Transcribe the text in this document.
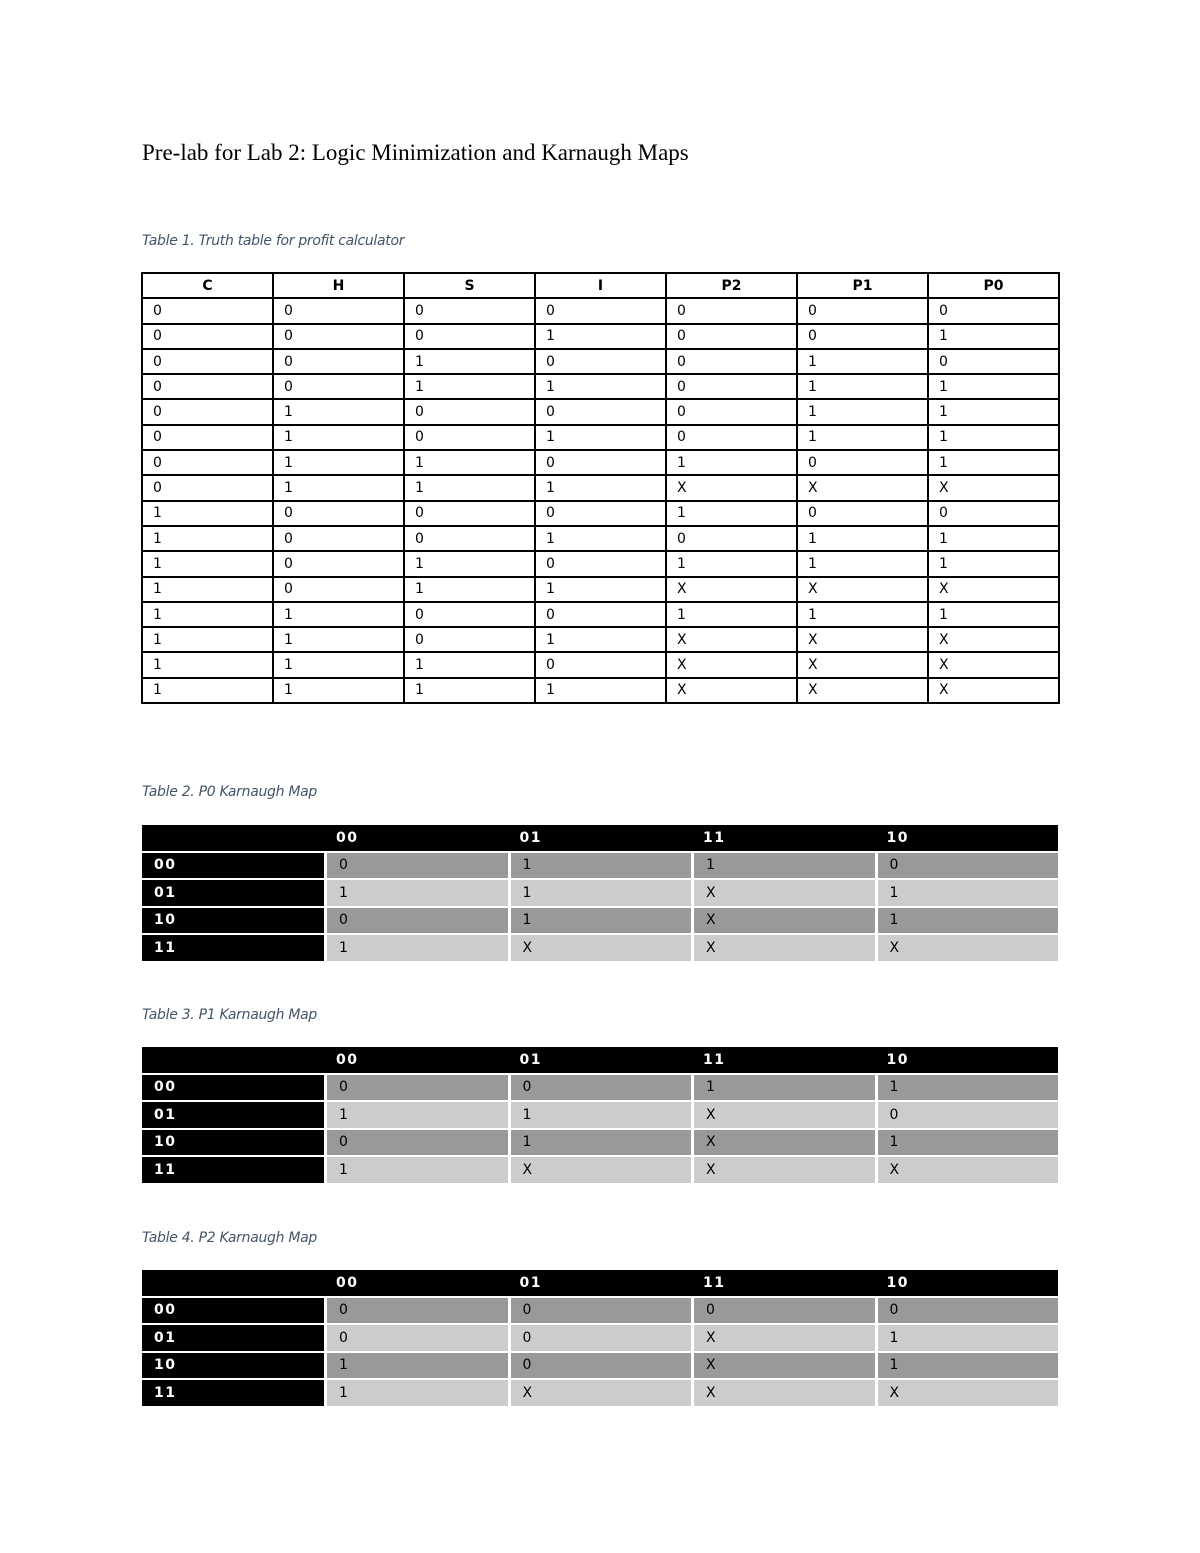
Pre-lab for Lab 2: Logic Minimization and Karnaugh Maps
Table 1. Truth table for profit calculator
C	H	S	I	P2	P1	P0
0	0	0	0	0	0	0
0	0	0	1	0	0	1
0	0	1	0	0	1	0
0	0	1	1	0	1	1
0	1	0	0	0	1	1
0	1	0	1	0	1	1
0	1	1	0	1	0	1
0	1	1	1	X	X	X
1	0	0	0	1	0	0
1	0	0	1	0	1	1
1	0	1	0	1	1	1
1	0	1	1	X	X	X
1	1	0	0	1	1	1
1	1	0	1	X	X	X
1	1	1	0	X	X	X
1	1	1	1	X	X	X
Table 2. P0 Karnaugh Map
	00	01	11	10
00	0	1	1	0
01	1	1	X	1
10	0	1	X	1
11	1	X	X	X
Table 3. P1 Karnaugh Map
	00	01	11	10
00	0	0	1	1
01	1	1	X	0
10	0	1	X	1
11	1	X	X	X
Table 4. P2 Karnaugh Map
	00	01	11	10
00	0	0	0	0
01	0	0	X	1
10	1	0	X	1
11	1	X	X	X
